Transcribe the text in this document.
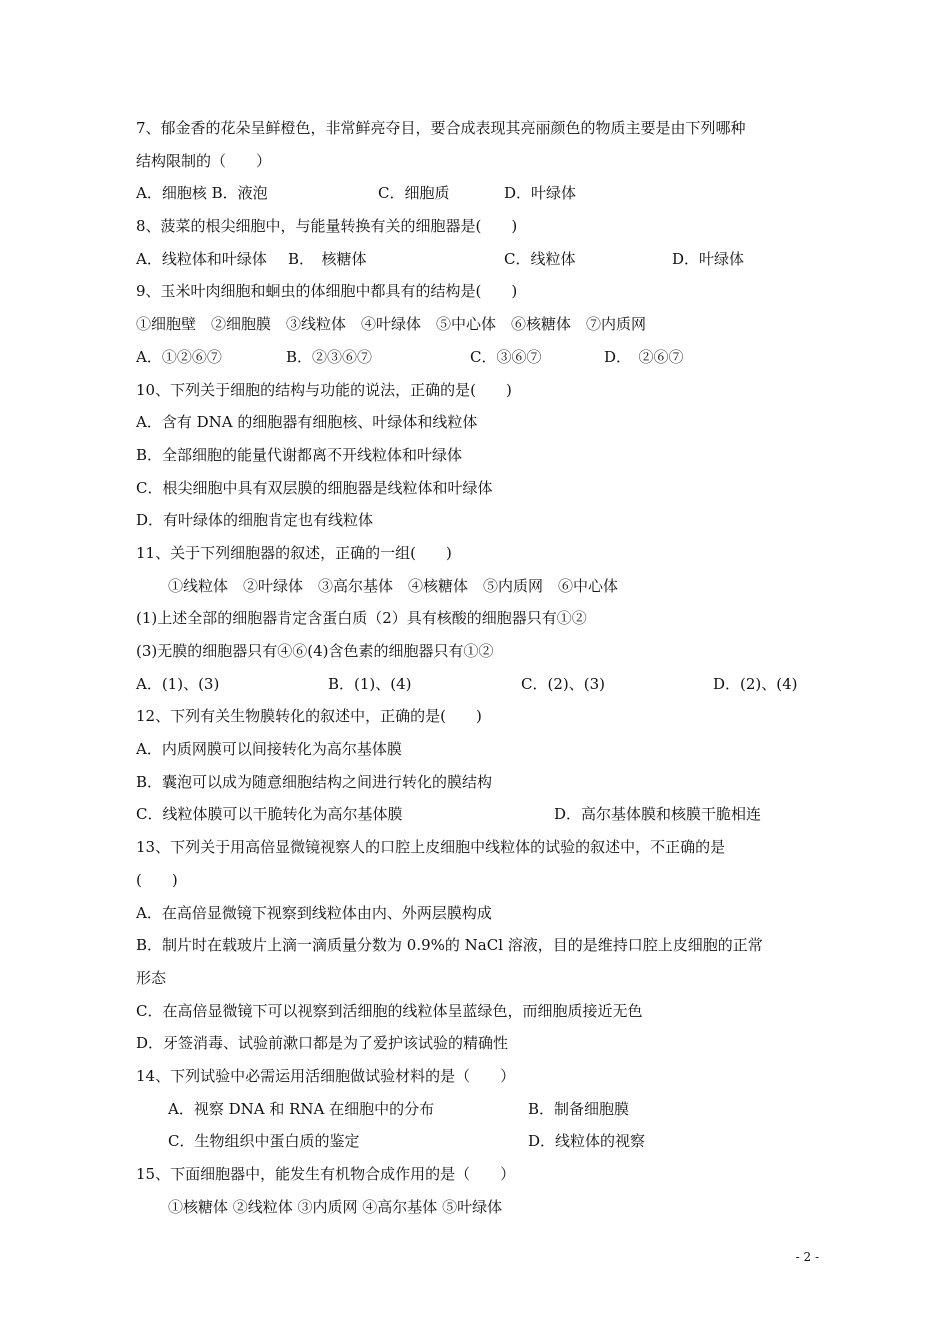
7、郁金香的花朵呈鲜橙色，非常鲜亮夺目，要合成表现其亮丽颜色的物质主要是由下列哪种
结构限制的（　　）
A．细胞核 B．液泡	C．细胞质	D．叶绿体
8、菠菜的根尖细胞中，与能量转换有关的细胞器是(　　)
A．线粒体和叶绿体 B．　核糖体	C．线粒体	D．叶绿体
9、玉米叶肉细胞和蛔虫的体细胞中都具有的结构是(　　)
①细胞壁　②细胞膜　③线粒体　④叶绿体　⑤中心体　⑥核糖体　⑦内质网
A．①②⑥⑦	B．②③⑥⑦	C．③⑥⑦	D．　②⑥⑦
10、下列关于细胞的结构与功能的说法，正确的是(　　)
A．含有 DNA 的细胞器有细胞核、叶绿体和线粒体
B．全部细胞的能量代谢都离不开线粒体和叶绿体
C．根尖细胞中具有双层膜的细胞器是线粒体和叶绿体
D．有叶绿体的细胞肯定也有线粒体
11、关于下列细胞器的叙述，正确的一组(　　)
①线粒体　②叶绿体　③高尔基体　④核糖体　⑤内质网　⑥中心体
(1)上述全部的细胞器肯定含蛋白质（2）具有核酸的细胞器只有①②
(3)无膜的细胞器只有④⑥(4)含色素的细胞器只有①②
A．(1)、(3)	B．(1)、(4)	C．(2)、(3)	D．(2)、(4)
12、下列有关生物膜转化的叙述中，正确的是(　　)
A．内质网膜可以间接转化为高尔基体膜
B．囊泡可以成为随意细胞结构之间进行转化的膜结构
C．线粒体膜可以干脆转化为高尔基体膜	D．高尔基体膜和核膜干脆相连
13、下列关于用高倍显微镜视察人的口腔上皮细胞中线粒体的试验的叙述中，不正确的是
(　　)
A．在高倍显微镜下视察到线粒体由内、外两层膜构成
B．制片时在载玻片上滴一滴质量分数为 0.9%的 NaCl 溶液，目的是维持口腔上皮细胞的正常
形态
C．在高倍显微镜下可以视察到活细胞的线粒体呈蓝绿色，而细胞质接近无色
D．牙签消毒、试验前漱口都是为了爱护该试验的精确性
14、下列试验中必需运用活细胞做试验材料的是（　　）
A．视察 DNA 和 RNA 在细胞中的分布	B．制备细胞膜
C．生物组织中蛋白质的鉴定	D．线粒体的视察
15、下面细胞器中，能发生有机物合成作用的是（　　）
①核糖体 ②线粒体 ③内质网 ④高尔基体 ⑤叶绿体
- 2 -
